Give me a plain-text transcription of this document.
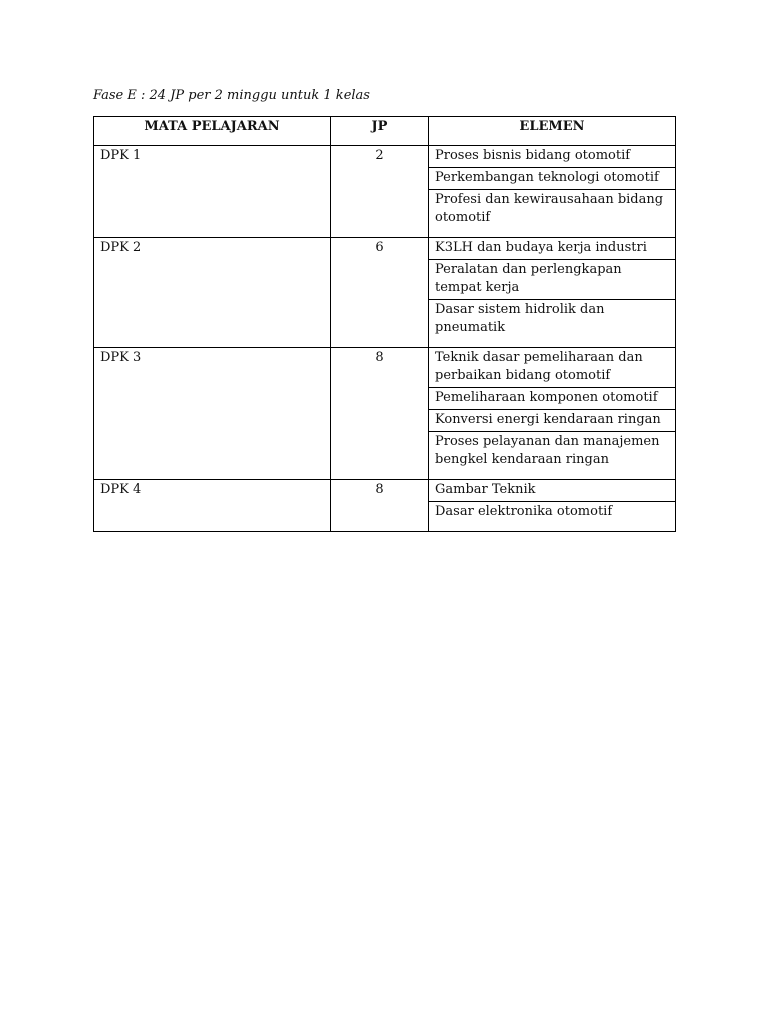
Fase E : 24 JP per 2 minggu untuk 1 kelas
MATA PELAJARAN	JP	ELEMEN
DPK 1	2	Proses bisnis bidang otomotif
		Perkembangan teknologi otomotif
		Profesi dan kewirausahaan bidang otomotif
DPK 2	6	K3LH dan budaya kerja industri
		Peralatan dan perlengkapan tempat kerja
		Dasar sistem hidrolik dan pneumatik
DPK 3	8	Teknik dasar pemeliharaan dan perbaikan bidang otomotif
		Pemeliharaan komponen otomotif
		Konversi energi kendaraan ringan
		Proses pelayanan dan manajemen bengkel kendaraan ringan
DPK 4	8	Gambar Teknik
		Dasar elektronika otomotif
